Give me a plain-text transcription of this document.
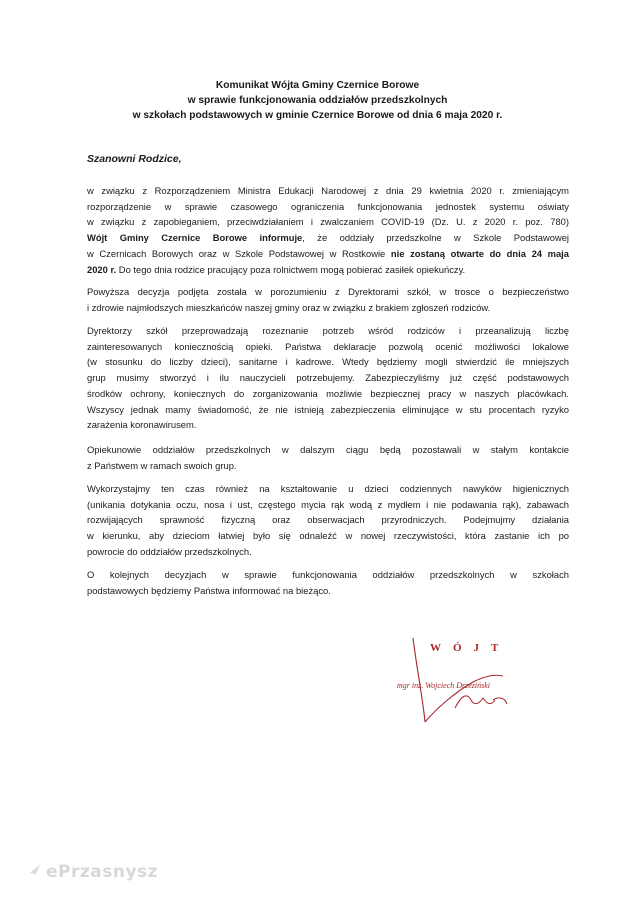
Komunikat Wójta Gminy Czernice Borowe
w sprawie funkcjonowania oddziałów przedszkolnych
w szkołach podstawowych w gminie Czernice Borowe od dnia 6 maja 2020 r.
Szanowni Rodzice,
w związku z Rozporządzeniem Ministra Edukacji Narodowej z dnia 29 kwietnia 2020 r. zmieniającym
rozporządzenie w sprawie czasowego ograniczenia funkcjonowania jednostek systemu oświaty
w związku z zapobieganiem, przeciwdziałaniem i zwalczaniem COVID-19 (Dz. U. z 2020 r. poz. 780)
Wójt Gminy Czernice Borowe informuje, że oddziały przedszkolne w Szkole Podstawowej
w Czernicach Borowych oraz w Szkole Podstawowej w Rostkowie nie zostaną otwarte do dnia 24 maja
2020 r. Do tego dnia rodzice pracujący poza rolnictwem mogą pobierać zasiłek opiekuńczy.
Powyższa decyzja podjęta została w porozumieniu z Dyrektorami szkół, w trosce o bezpieczeństwo
i zdrowie najmłodszych mieszkańców naszej gminy oraz w związku z brakiem zgłoszeń rodziców.
Dyrektorzy szkół przeprowadzają rozeznanie potrzeb wśród rodziców i przeanalizują liczbę
zainteresowanych koniecznością opieki. Państwa deklaracje pozwolą ocenić możliwości lokalowe
(w stosunku do liczby dzieci), sanitarne i kadrowe. Wtedy będziemy mogli stwierdzić ile mniejszych
grup musimy stworzyć i ilu nauczycieli potrzebujemy. Zabezpieczyliśmy już część podstawowych
środków ochrony, koniecznych do zorganizowania możliwie bezpiecznej pracy w naszych placówkach.
Wszyscy jednak mamy świadomość, że nie istnieją zabezpieczenia eliminujące w stu procentach ryzyko
zarażenia koronawirusem.
Opiekunowie oddziałów przedszkolnych w dalszym ciągu będą pozostawali w stałym kontakcie
z Państwem w ramach swoich grup.
Wykorzystajmy ten czas również na kształtowanie u dzieci codziennych nawyków higienicznych
(unikania dotykania oczu, nosa i ust, częstego mycia rąk wodą z mydłem i nie podawania rąk), zabawach
rozwijających sprawność fizyczną oraz obserwacjach przyrodniczych. Podejmujmy działania
w kierunku, aby dzieciom łatwiej było się odnaleźć w nowej rzeczywistości, która zastanie ich po
powrocie do oddziałów przedszkolnych.
O kolejnych decyzjach w sprawie funkcjonowania oddziałów przedszkolnych w szkołach
podstawowych będziemy Państwa informować na bieżąco.
WÓJT
mgr inż. Wojciech Drzeziński
ePrzasnysz
